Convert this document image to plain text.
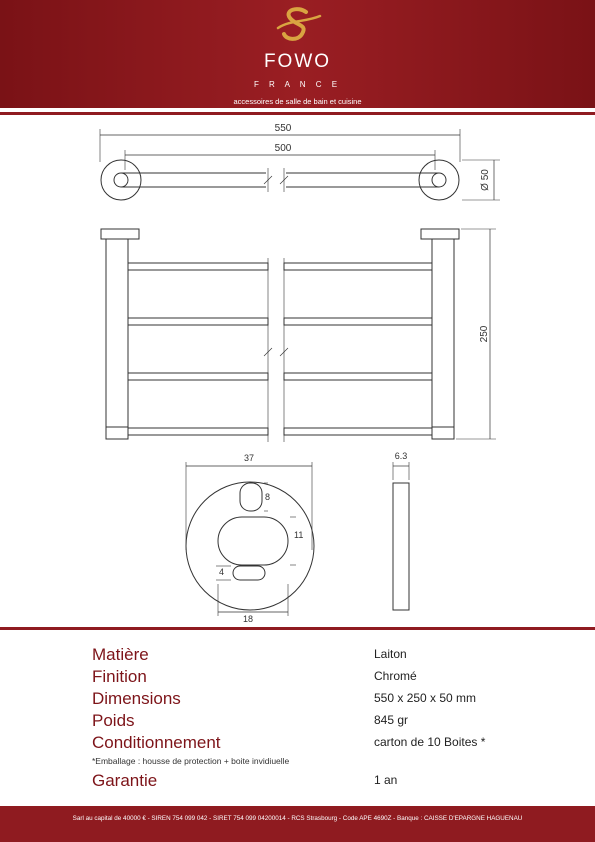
FOWO
F R A N C E
accessoires de salle de bain et cuisine
550
500
Ø 50
250
37
8
11
4
18
6.3
Matière	Laiton
Finition	Chromé
Dimensions	550 x 250 x 50 mm
Poids	845 gr
Conditionnement	carton de 10 Boites *
*Emballage : housse de protection + boite invidiuelle
Garantie	1 an
Sarl au capital de 40000 € - SIREN 754 099 042 - SIRET 754 099 04200014 - RCS Strasbourg - Code APE 4690Z - Banque : CAISSE D'EPARGNE HAGUENAU
